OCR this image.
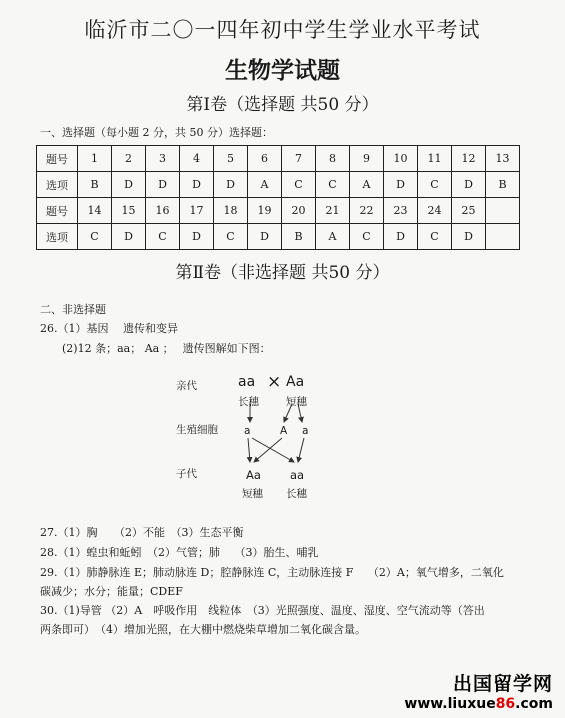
临沂市二〇一四年初中学生学业水平考试
生物学试题
第Ⅰ卷（选择题 共50 分）
一、选择题（每小题 2 分，共 50 分）选择题：
题号	1	2	3	4	5	6	7	8	9	10	11	12	13
选项	B	D	D	D	D	A	C	C	A	D	C	D	B
题号	14	15	16	17	18	19	20	21	22	23	24	25	
选项	C	D	C	D	C	D	B	A	C	D	C	D	
第Ⅱ卷（非选择题 共50 分）
二、非选择题
26.（1）基因　 遗传和变异
(2)12 条；aa； Aa ；　 遗传图解如下图：
亲代	aa × Aa
长穗	短穗
生殖细胞 a	A a
子代	Aa	aa
短穗 长穗
27.（1）胸　　（2）不能　（3）生态平衡
28.（1）蝗虫和蚯蚓　（2）气管；肺　 （3）胎生、哺乳
29.（1）肺静脉连 E；肺动脉连 D；腔静脉连 C，主动脉连接 F　 （2）A；氧气增多，二氧化
碳减少；水分；能量；CDEF
30.（1)导管 （2）A　呼吸作用　线粒体　（3）光照强度、温度、湿度、空气流动等（答出
两条即可）　（4）增加光照，在大棚中燃烧柴草增加二氧化碳含量。
出国留学网
www.liuxue86.com
